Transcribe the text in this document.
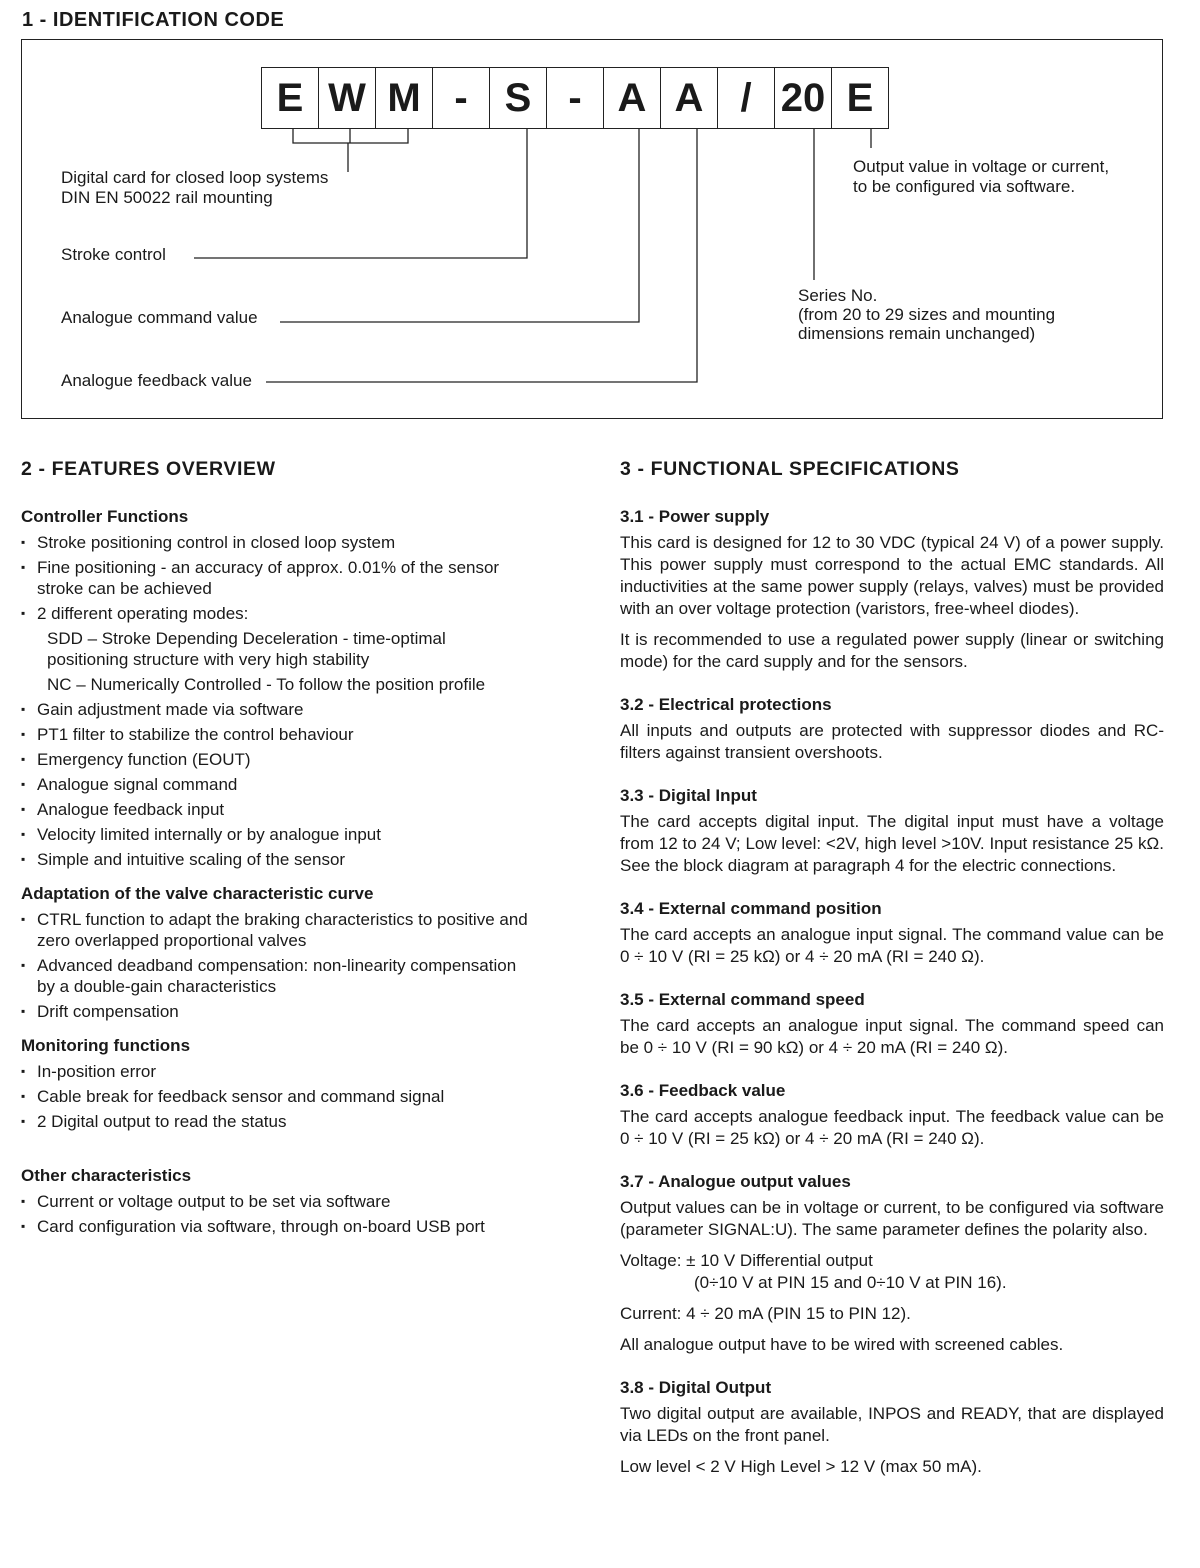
1 - IDENTIFICATION CODE
E W M - S - A A / 20 E
Digital card for closed loop systems
DIN EN 50022 rail mounting
Stroke control
Analogue command value
Analogue feedback value
Output value in voltage or current,
to be configured via software.
Series No.
(from 20 to 29 sizes and mounting
dimensions remain unchanged)
2 - FEATURES OVERVIEW
Controller Functions
▪ Stroke positioning control in closed loop system
▪ Fine positioning - an accuracy of approx. 0.01% of the sensor
stroke can be achieved
▪ 2 different operating modes:
SDD – Stroke Depending Deceleration - time-optimal
positioning structure with very high stability
NC – Numerically Controlled - To follow the position profile
▪ Gain adjustment made via software
▪ PT1 filter to stabilize the control behaviour
▪ Emergency function (EOUT)
▪ Analogue signal command
▪ Analogue feedback input
▪ Velocity limited internally or by analogue input
▪ Simple and intuitive scaling of the sensor
Adaptation of the valve characteristic curve
▪ CTRL function to adapt the braking characteristics to positive and
zero overlapped proportional valves
▪ Advanced deadband compensation: non-linearity compensation
by a double-gain characteristics
▪ Drift compensation
Monitoring functions
▪ In-position error
▪ Cable break for feedback sensor and command signal
▪ 2 Digital output to read the status
Other characteristics
▪ Current or voltage output to be set via software
▪ Card configuration via software, through on-board USB port
3 - FUNCTIONAL SPECIFICATIONS
3.1 - Power supply

This card is designed for 12 to 30 VDC (typical 24 V) of a power supply. This power supply must correspond to the actual EMC standards. All inductivities at the same power supply (relays, valves) must be provided with an over voltage protection (varistors, free-wheel diodes).

It is recommended to use a regulated power supply (linear or switching mode) for the card supply and for the sensors.

3.2 - Electrical protections

All inputs and outputs are protected with suppressor diodes and RC-filters against transient overshoots.

3.3 - Digital Input

The card accepts digital input. The digital input must have a voltage from 12 to 24 V; Low level: <2V, high level >10V. Input resistance 25 kΩ. See the block diagram at paragraph 4 for the electric connections.

3.4 - External command position

The card accepts an analogue input signal. The command value can be 0 ÷ 10 V (RI = 25 kΩ) or 4 ÷ 20 mA (RI = 240 Ω).

3.5 - External command speed

The card accepts an analogue input signal. The command speed can be 0 ÷ 10 V (RI = 90 kΩ) or 4 ÷ 20 mA (RI = 240 Ω).

3.6 - Feedback value

The card accepts analogue feedback input. The feedback value can be 0 ÷ 10 V (RI = 25 kΩ) or 4 ÷ 20 mA (RI = 240 Ω).

3.7 - Analogue output values

Output values can be in voltage or current, to be configured via software (parameter SIGNAL:U). The same parameter defines the polarity also.

Voltage: ± 10 V Differential output
(0÷10 V at PIN 15 and 0÷10 V at PIN 16).

Current: 4 ÷ 20 mA (PIN 15 to PIN 12).

All analogue output have to be wired with screened cables.

3.8 - Digital Output

Two digital output are available, INPOS and READY, that are displayed via LEDs on the front panel.

Low level < 2 V High Level > 12 V (max 50 mA).
